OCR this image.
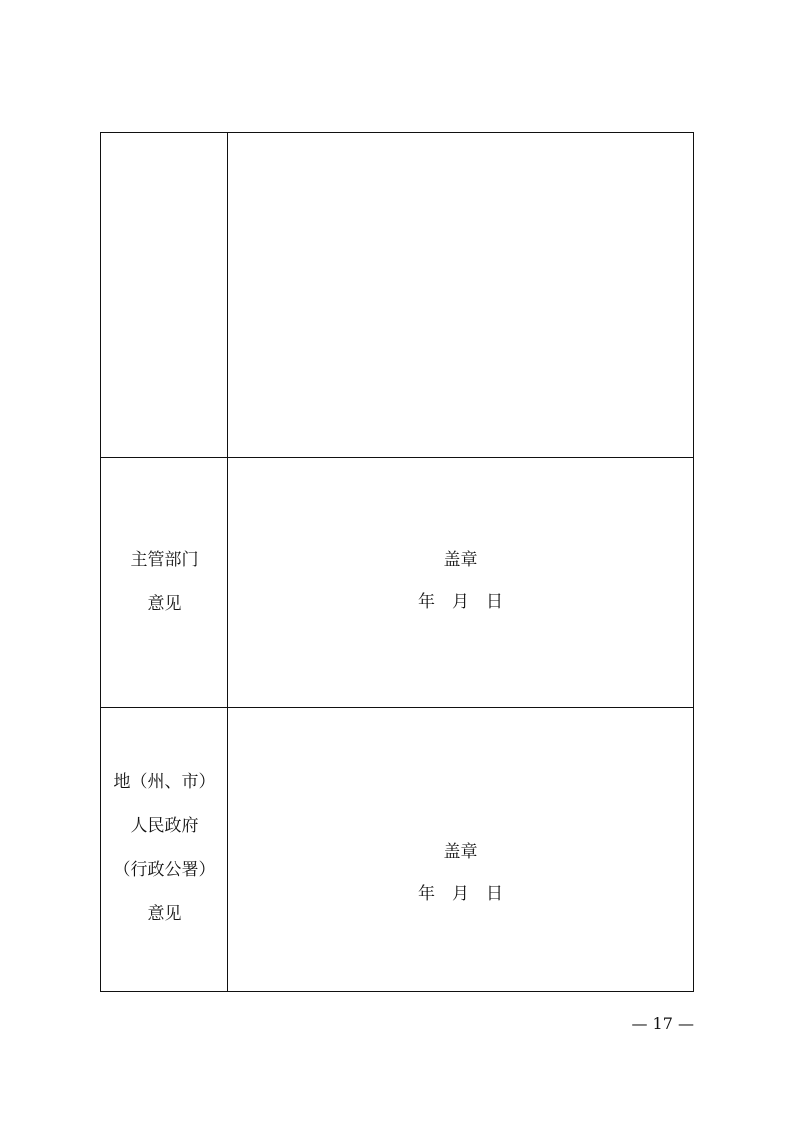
主管部门
意见
盖章
年　月　日
地（州、市）
人民政府
（行政公署）
意见
盖章
年　月　日
— 17 —
